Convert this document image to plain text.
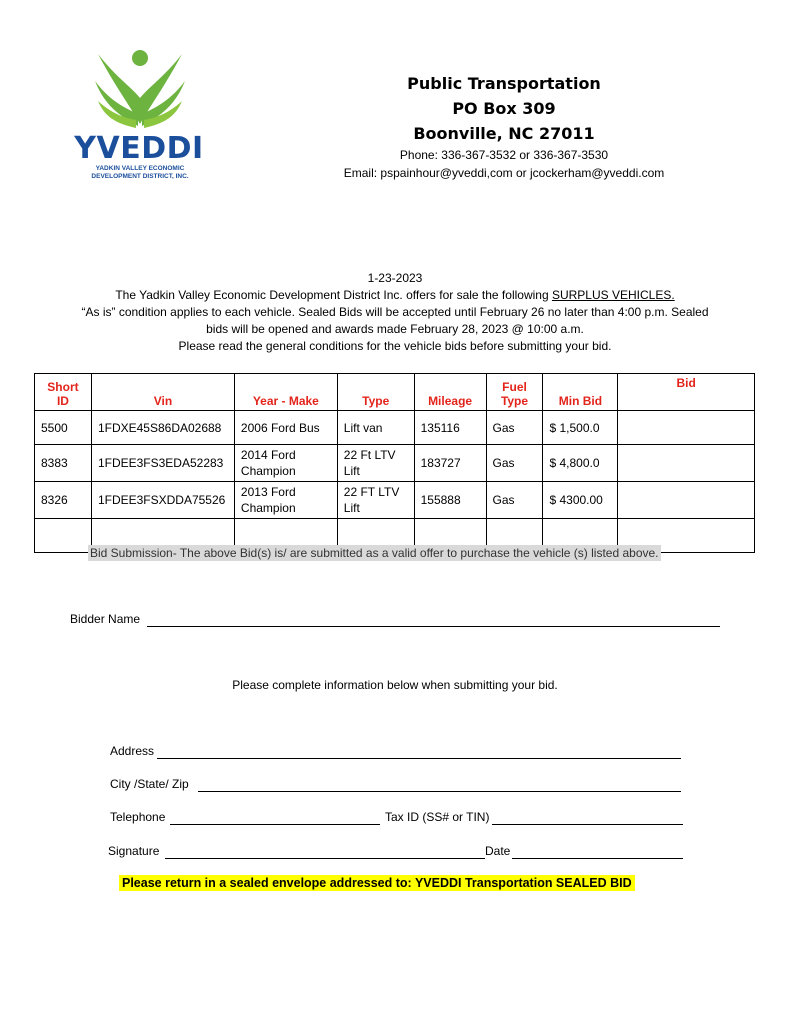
YVEDDI
YADKIN VALLEY ECONOMIC
DEVELOPMENT DISTRICT, INC.
Public Transportation
PO Box 309
Boonville, NC 27011
Phone: 336-367-3532 or 336-367-3530
Email: pspainhour@yveddi,com or jcockerham@yveddi.com
1-23-2023
The Yadkin Valley Economic Development District Inc. offers for sale the following SURPLUS VEHICLES.
“As is” condition applies to each vehicle. Sealed Bids will be accepted until February 26 no later than 4:00 p.m. Sealed
bids will be opened and awards made February 28, 2023 @ 10:00 a.m.
Please read the general conditions for the vehicle bids before submitting your bid.
Short ID	Vin	Year - Make	Type	Mileage	Fuel Type	Min Bid	Bid
5500	1FDXE45S86DA02688	2006 Ford Bus	Lift van	135116	Gas	$ 1,500.0	
8383	1FDEE3FS3EDA52283	2014 Ford Champion	22 Ft LTV Lift	183727	Gas	$ 4,800.0	
8326	1FDEE3FSXDDA75526	2013 Ford Champion	22 FT LTV Lift	155888	Gas	$ 4300.00	

Bid Submission- The above Bid(s) is/ are submitted as a valid offer to purchase the vehicle (s) listed above.
Bidder Name
Please complete information below when submitting your bid.
Address
City /State/ Zip
Telephone	Tax ID (SS# or TIN)
Signature	Date
Please return in a sealed envelope addressed to: YVEDDI Transportation SEALED BID
